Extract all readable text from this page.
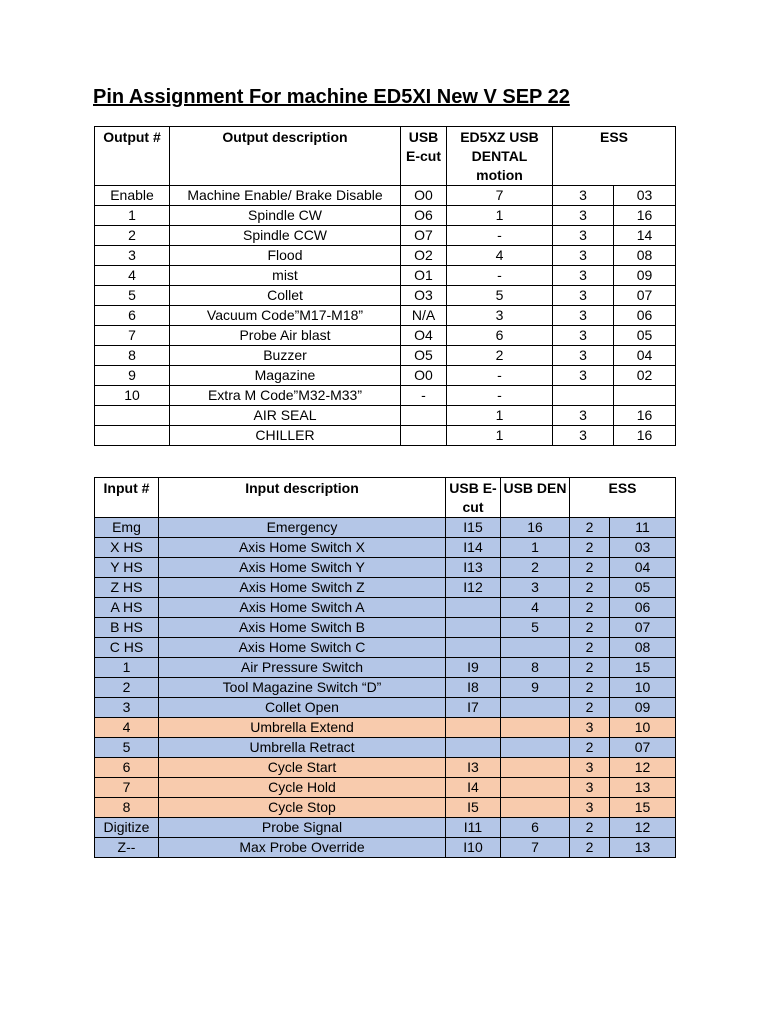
Pin Assignment For machine ED5XI New V SEP 22
Output #	Output description	USB E-cut	ED5XZ USB DENTAL motion	ESS	
Enable	Machine Enable/ Brake Disable	O0	7	3	03
1	Spindle CW	O6	1	3	16
2	Spindle CCW	O7	-	3	14
3	Flood	O2	4	3	08
4	mist	O1	-	3	09
5	Collet	O3	5	3	07
6	Vacuum Code”M17-M18”	N/A	3	3	06
7	Probe Air blast	O4	6	3	05
8	Buzzer	O5	2	3	04
9	Magazine	O0	-	3	02
10	Extra M Code”M32-M33”	-	-		
	AIR SEAL		1	3	16
	CHILLER		1	3	16
Input #	Input description	USB E-cut	USB DEN	ESS	
Emg	Emergency	I15	16	2	11
X HS	Axis Home Switch X	I14	1	2	03
Y HS	Axis Home Switch Y	I13	2	2	04
Z HS	Axis Home Switch Z	I12	3	2	05
A HS	Axis Home Switch A		4	2	06
B HS	Axis Home Switch B		5	2	07
C HS	Axis Home Switch C			2	08
1	Air Pressure Switch	I9	8	2	15
2	Tool Magazine Switch “D”	I8	9	2	10
3	Collet Open	I7		2	09
4	Umbrella Extend			3	10
5	Umbrella Retract			2	07
6	Cycle Start	I3		3	12
7	Cycle Hold	I4		3	13
8	Cycle Stop	I5		3	15
Digitize	Probe Signal	I11	6	2	12
Z--	Max Probe Override	I10	7	2	13
